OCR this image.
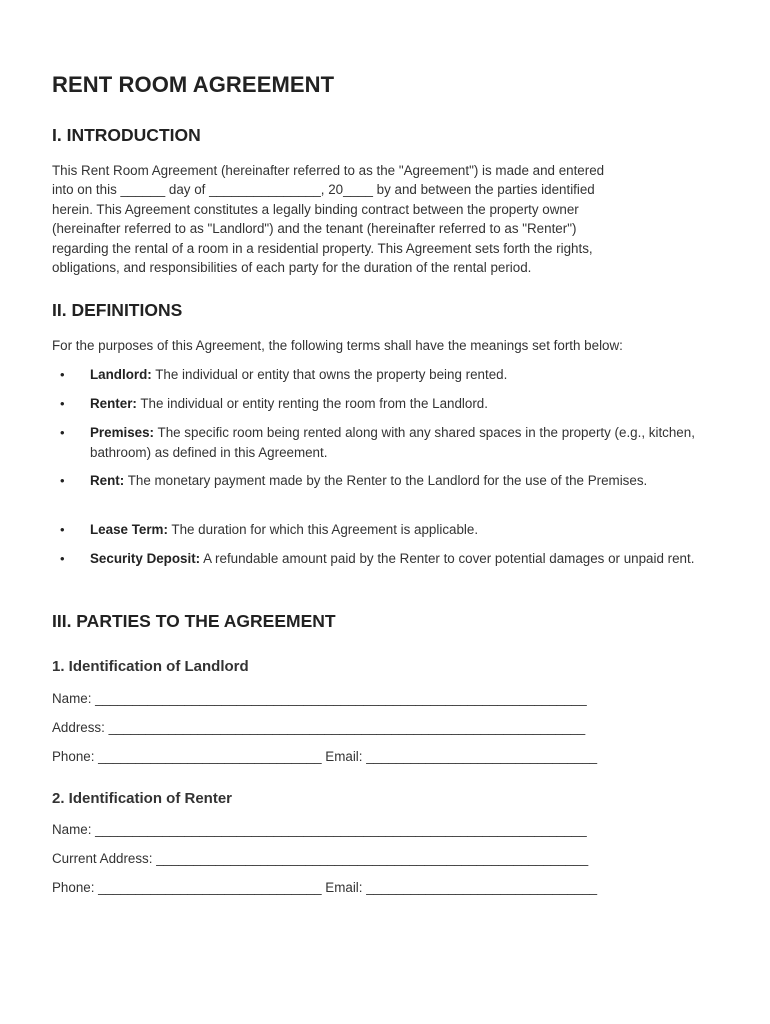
RENT ROOM AGREEMENT
I. INTRODUCTION

This Rent Room Agreement (hereinafter referred to as the "Agreement") is made and entered

into on this ______ day of _______________, 20____ by and between the parties identified

herein. This Agreement constitutes a legally binding contract between the property owner

(hereinafter referred to as "Landlord") and the tenant (hereinafter referred to as "Renter")

regarding the rental of a room in a residential property. This Agreement sets forth the rights,

obligations, and responsibilities of each party for the duration of the rental period.

II. DEFINITIONS

For the purposes of this Agreement, the following terms shall have the meanings set forth below:

• Landlord: The individual or entity that owns the property being rented.
• Renter: The individual or entity renting the room from the Landlord.
• Premises: The specific room being rented along with any shared spaces in the property (e.g., kitchen, bathroom) as defined in this Agreement.
• Rent: The monetary payment made by the Renter to the Landlord for the use of the Premises.
• Lease Term: The duration for which this Agreement is applicable.
• Security Deposit: A refundable amount paid by the Renter to cover potential damages or unpaid rent.
III. PARTIES TO THE AGREEMENT
1. Identification of Landlord

Name: __________________________________________________________________

Address: ________________________________________________________________

Phone: ______________________________ Email: _______________________________

2. Identification of Renter

Name: __________________________________________________________________

Current Address: __________________________________________________________

Phone: ______________________________ Email: _______________________________
